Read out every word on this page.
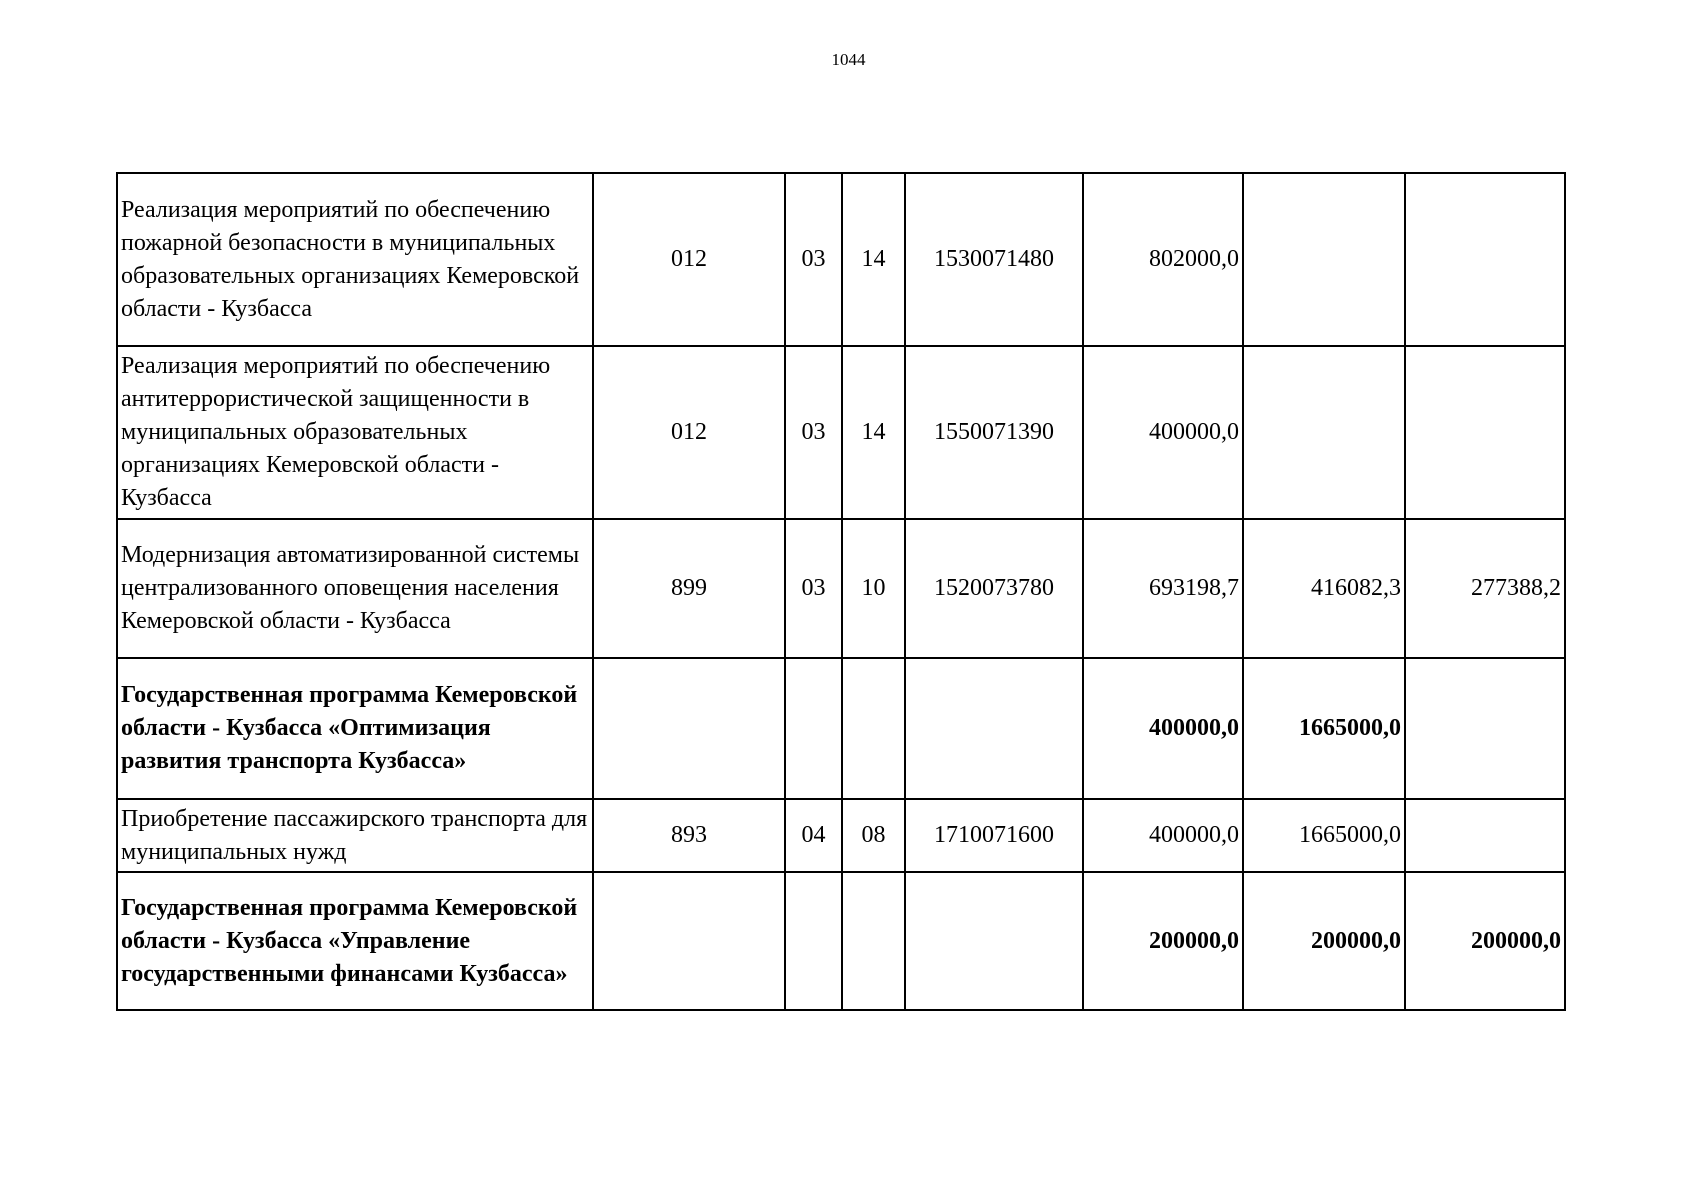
1044
Реализация мероприятий по обеспечению пожарной безопасности в муниципальных образовательных организациях Кемеровской области - Кузбасса	012	03	14	1530071480	802000,0		
Реализация мероприятий по обеспечению антитеррористической защищенности в муниципальных образовательных организациях Кемеровской области - Кузбасса	012	03	14	1550071390	400000,0		
Модернизация автоматизированной системы централизованного оповещения населения Кемеровской области - Кузбасса	899	03	10	1520073780	693198,7	416082,3	277388,2
Государственная программа Кемеровской области - Кузбасса «Оптимизация развития транспорта Кузбасса»					400000,0	1665000,0	
Приобретение пассажирского транспорта для муниципальных нужд	893	04	08	1710071600	400000,0	1665000,0	
Государственная программа Кемеровской области - Кузбасса «Управление государственными финансами Кузбасса»					200000,0	200000,0	200000,0
